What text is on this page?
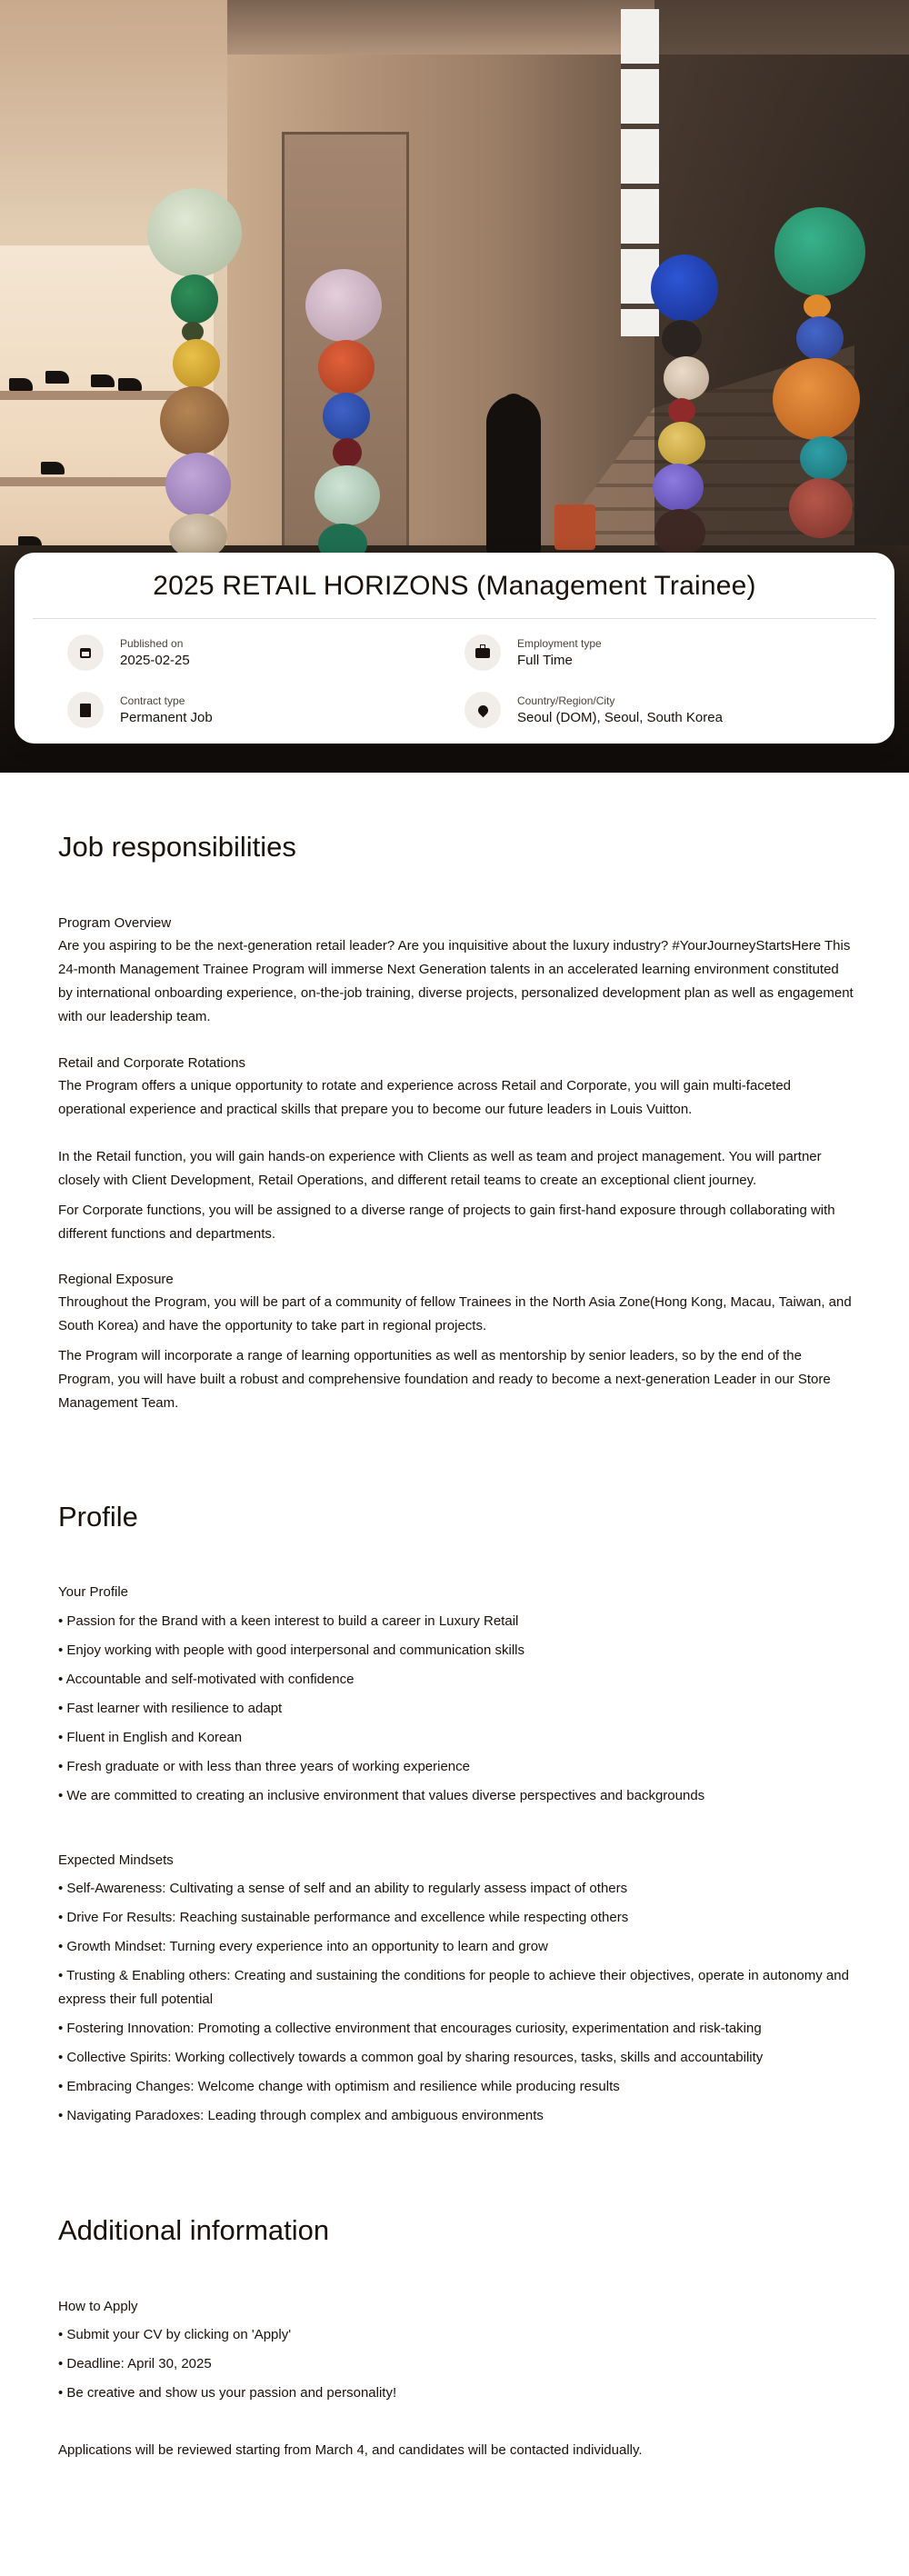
2025 RETAIL HORIZONS (Management Trainee)
Published on
2025-02-25
Employment type
Full Time
Contract type
Permanent Job
Country/Region/City
Seoul (DOM), Seoul, South Korea
Job responsibilities
Program Overview

Are you aspiring to be the next-generation retail leader? Are you inquisitive about the luxury industry? #YourJourneyStartsHere This 24-month Management Trainee Program will immerse Next Generation talents in an accelerated learning environment constituted by international onboarding experience, on-the-job training, diverse projects, personalized development plan as well as engagement with our leadership team.

Retail and Corporate Rotations

The Program offers a unique opportunity to rotate and experience across Retail and Corporate, you will gain multi-faceted operational experience and practical skills that prepare you to become our future leaders in Louis Vuitton.

In the Retail function, you will gain hands-on experience with Clients as well as team and project management. You will partner closely with Client Development, Retail Operations, and different retail teams to create an exceptional client journey.

For Corporate functions, you will be assigned to a diverse range of projects to gain first-hand exposure through collaborating with different functions and departments.

Regional Exposure

Throughout the Program, you will be part of a community of fellow Trainees in the North Asia Zone(Hong Kong, Macau, Taiwan, and South Korea) and have the opportunity to take part in regional projects.

The Program will incorporate a range of learning opportunities as well as mentorship by senior leaders, so by the end of the Program, you will have built a robust and comprehensive foundation and ready to become a next-generation Leader in our Store Management Team.

Profile
Your Profile
• Passion for the Brand with a keen interest to build a career in Luxury Retail
• Enjoy working with people with good interpersonal and communication skills
• Accountable and self-motivated with confidence
• Fast learner with resilience to adapt
• Fluent in English and Korean
• Fresh graduate or with less than three years of working experience
• We are committed to creating an inclusive environment that values diverse perspectives and backgrounds
Expected Mindsets
• Self-Awareness: Cultivating a sense of self and an ability to regularly assess impact of others
• Drive For Results: Reaching sustainable performance and excellence while respecting others
• Growth Mindset: Turning every experience into an opportunity to learn and grow
• Trusting & Enabling others: Creating and sustaining the conditions for people to achieve their objectives, operate in autonomy and express their full potential
• Fostering Innovation: Promoting a collective environment that encourages curiosity, experimentation and risk-taking
• Collective Spirits: Working collectively towards a common goal by sharing resources, tasks, skills and accountability
• Embracing Changes: Welcome change with optimism and resilience while producing results
• Navigating Paradoxes: Leading through complex and ambiguous environments
Additional information
How to Apply
• Submit your CV by clicking on 'Apply'
• Deadline: April 30, 2025
• Be creative and show us your passion and personality!

Applications will be reviewed starting from March 4, and candidates will be contacted individually.
